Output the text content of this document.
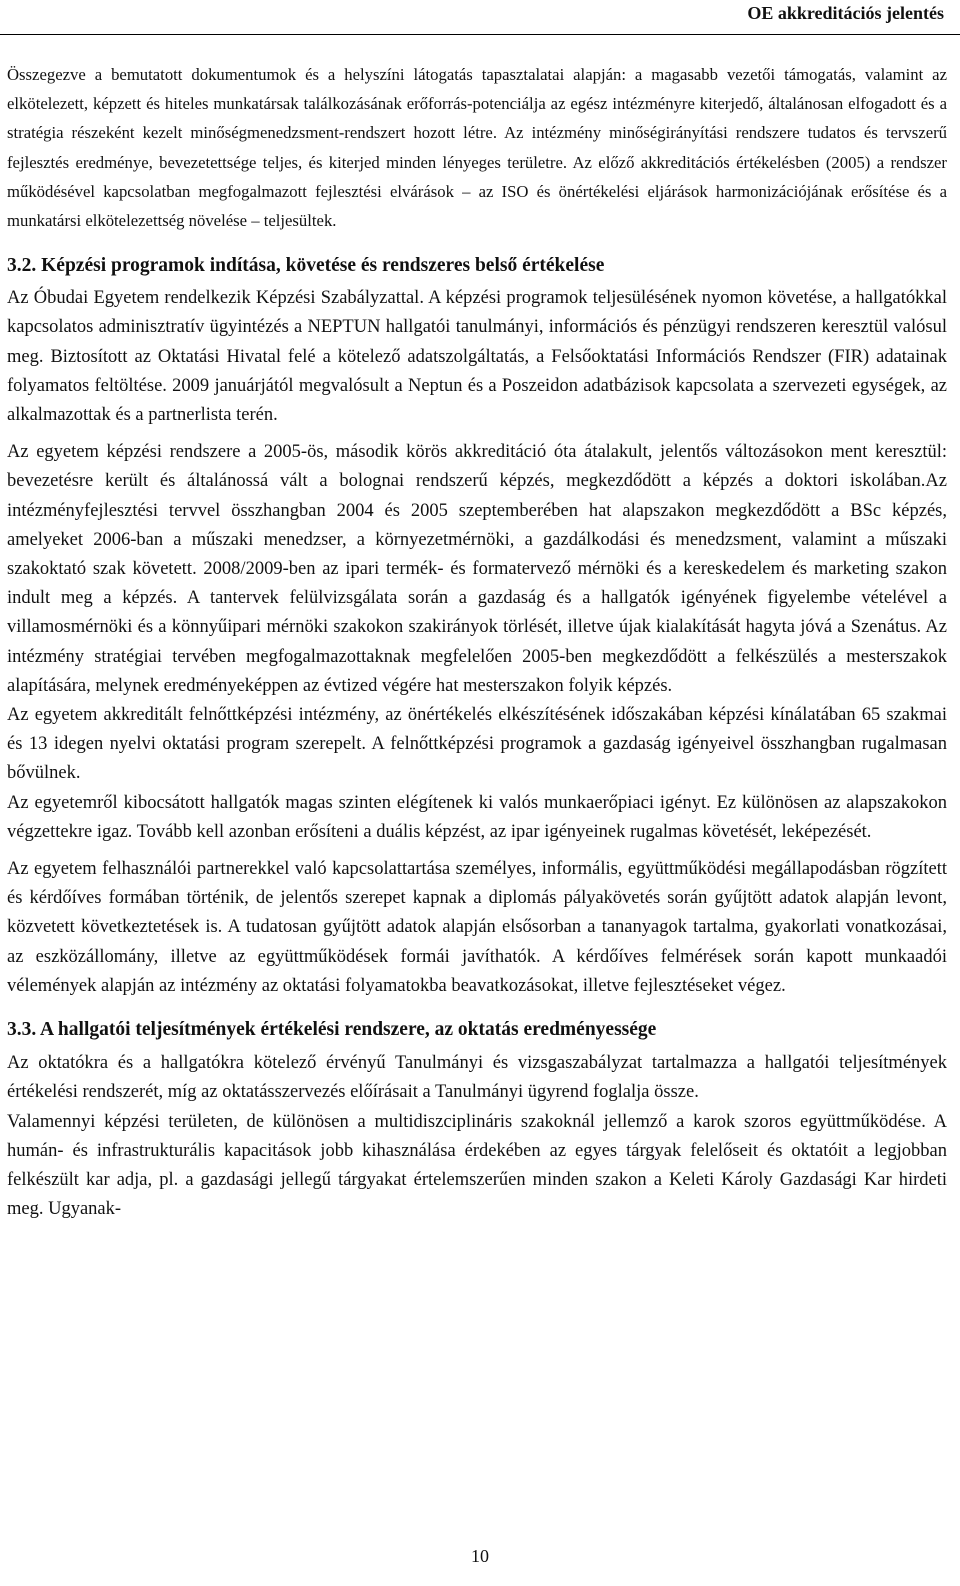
OE akkreditációs jelentés

Összegezve a bemutatott dokumentumok és a helyszíni látogatás tapasztalatai alapján: a magasabb vezetői támogatás, valamint az elkötelezett, képzett és hiteles munkatársak találkozásának erőforrás-potenciálja az egész intézményre kiterjedő, általánosan elfogadott és a stratégia részeként kezelt minőségmenedzsment-rendszert hozott létre. Az intézmény minőségirányítási rendszere tudatos és tervszerű fejlesztés eredménye, bevezetettsége teljes, és kiterjed minden lényeges területre. Az előző akkreditációs értékelésben (2005) a rendszer működésével kapcsolatban megfogalmazott fejlesztési elvárások – az ISO és önértékelési eljárások harmonizációjának erősítése és a munkatársi elkötelezettség növelése – teljesültek.

3.2. Képzési programok indítása, követése és rendszeres belső értékelése

Az Óbudai Egyetem rendelkezik Képzési Szabályzattal. A képzési programok teljesülésének nyomon követése, a hallgatókkal kapcsolatos adminisztratív ügyintézés a NEPTUN hallgatói tanulmányi, információs és pénzügyi rendszeren keresztül valósul meg. Biztosított az Oktatási Hivatal felé a kötelező adatszolgáltatás, a Felsőoktatási Információs Rendszer (FIR) adatainak folyamatos feltöltése. 2009 januárjától megvalósult a Neptun és a Poszeidon adatbázisok kapcsolata a szervezeti egységek, az alkalmazottak és a partnerlista terén.

Az egyetem képzési rendszere a 2005-ös, második körös akkreditáció óta átalakult, jelentős változásokon ment keresztül: bevezetésre került és általánossá vált a bolognai rendszerű képzés, megkezdődött a képzés a doktori iskolában.Az intézményfejlesztési tervvel összhangban 2004 és 2005 szeptemberében hat alapszakon megkezdődött a BSc képzés, amelyeket 2006-ban a műszaki menedzser, a környezetmérnöki, a gazdálkodási és menedzsment, valamint a műszaki szakoktató szak követett. 2008/2009-ben az ipari termék- és formatervező mérnöki és a kereskedelem és marketing szakon indult meg a képzés. A tantervek felülvizsgálata során a gazdaság és a hallgatók igényének figyelembe vételével a villamosmérnöki és a könnyűipari mérnöki szakokon szakirányok törlését, illetve újak kialakítását hagyta jóvá a Szenátus. Az intézmény stratégiai tervében megfogalmazottaknak megfelelően 2005-ben megkezdődött a felkészülés a mesterszakok alapítására, melynek eredményeképpen az évtized végére hat mesterszakon folyik képzés.

Az egyetem akkreditált felnőttképzési intézmény, az önértékelés elkészítésének időszakában képzési kínálatában 65 szakmai és 13 idegen nyelvi oktatási program szerepelt. A felnőttképzési programok a gazdaság igényeivel összhangban rugalmasan bővülnek.

Az egyetemről kibocsátott hallgatók magas szinten elégítenek ki valós munkaerőpiaci igényt. Ez különösen az alapszakokon végzettekre igaz. Tovább kell azonban erősíteni a duális képzést, az ipar igényeinek rugalmas követését, leképezését.

Az egyetem felhasználói partnerekkel való kapcsolattartása személyes, informális, együttműködési megállapodásban rögzített és kérdőíves formában történik, de jelentős szerepet kapnak a diplomás pályakövetés során gyűjtött adatok alapján levont, közvetett következtetések is. A tudatosan gyűjtött adatok alapján elsősorban a tananyagok tartalma, gyakorlati vonatkozásai, az eszközállomány, illetve az együttműködések formái javíthatók. A kérdőíves felmérések során kapott munkaadói vélemények alapján az intézmény az oktatási folyamatokba beavatkozásokat, illetve fejlesztéseket végez.

3.3. A hallgatói teljesítmények értékelési rendszere, az oktatás eredményessége

Az oktatókra és a hallgatókra kötelező érvényű Tanulmányi és vizsgaszabályzat tartalmazza a hallgatói teljesítmények értékelési rendszerét, míg az oktatásszervezés előírásait a Tanulmányi ügyrend foglalja össze.

Valamennyi képzési területen, de különösen a multidiszciplináris szakoknál jellemző a karok szoros együttműködése. A humán- és infrastrukturális kapacitások jobb kihasználása érdekében az egyes tárgyak felelőseit és oktatóit a legjobban felkészült kar adja, pl. a gazdasági jellegű tárgyakat értelemszerűen minden szakon a Keleti Károly Gazdasági Kar hirdeti meg. Ugyanak-

10
